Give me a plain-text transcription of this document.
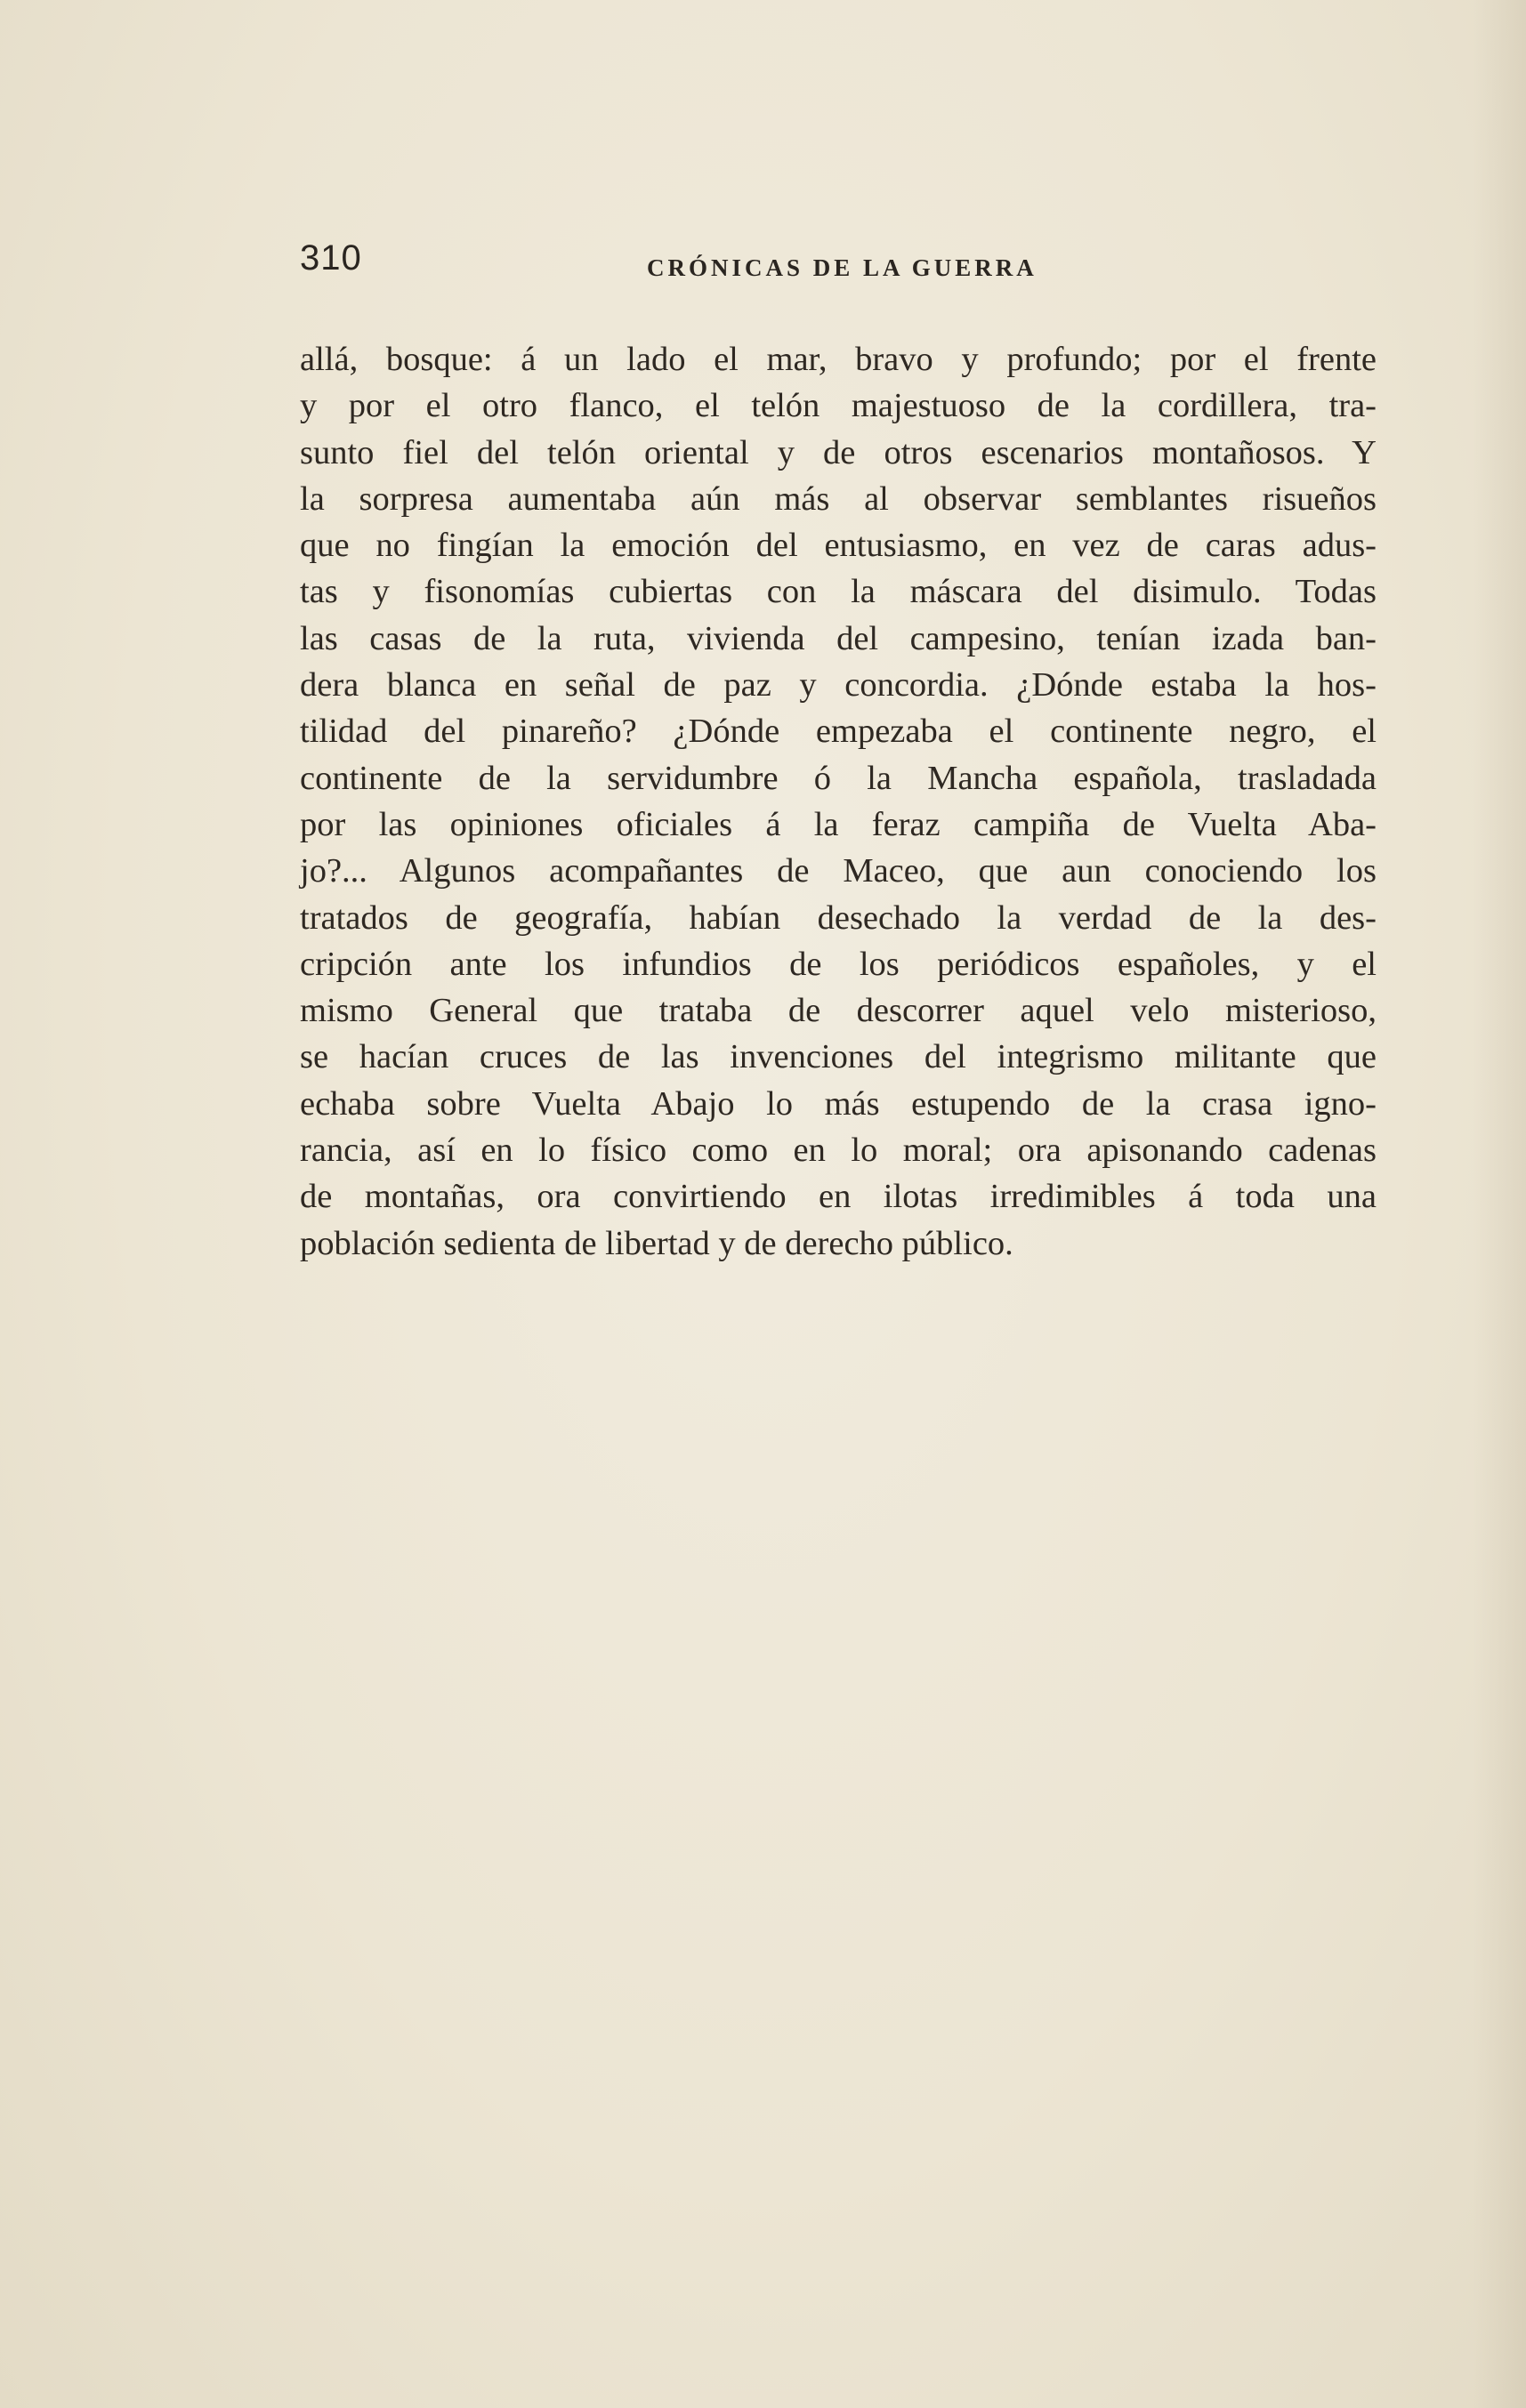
310	CRÓNICAS DE LA GUERRA
allá, bosque: á un lado el mar, bravo y profundo; por el frente
y por el otro flanco, el telón majestuoso de la cordillera, tra-
sunto fiel del telón oriental y de otros escenarios montañosos. Y
la sorpresa aumentaba aún más al observar semblantes risueños
que no fingían la emoción del entusiasmo, en vez de caras adus-
tas y fisonomías cubiertas con la máscara del disimulo. Todas
las casas de la ruta, vivienda del campesino, tenían izada ban-
dera blanca en señal de paz y concordia. ¿Dónde estaba la hos-
tilidad del pinareño? ¿Dónde empezaba el continente negro, el
continente de la servidumbre ó la Mancha española, trasladada
por las opiniones oficiales á la feraz campiña de Vuelta Aba-
jo?... Algunos acompañantes de Maceo, que aun conociendo los
tratados de geografía, habían desechado la verdad de la des-
cripción ante los infundios de los periódicos españoles, y el
mismo General que trataba de descorrer aquel velo misterioso,
se hacían cruces de las invenciones del integrismo militante que
echaba sobre Vuelta Abajo lo más estupendo de la crasa igno-
rancia, así en lo físico como en lo moral; ora apisonando cadenas
de montañas, ora convirtiendo en ilotas irredimibles á toda una
población sedienta de libertad y de derecho público.
